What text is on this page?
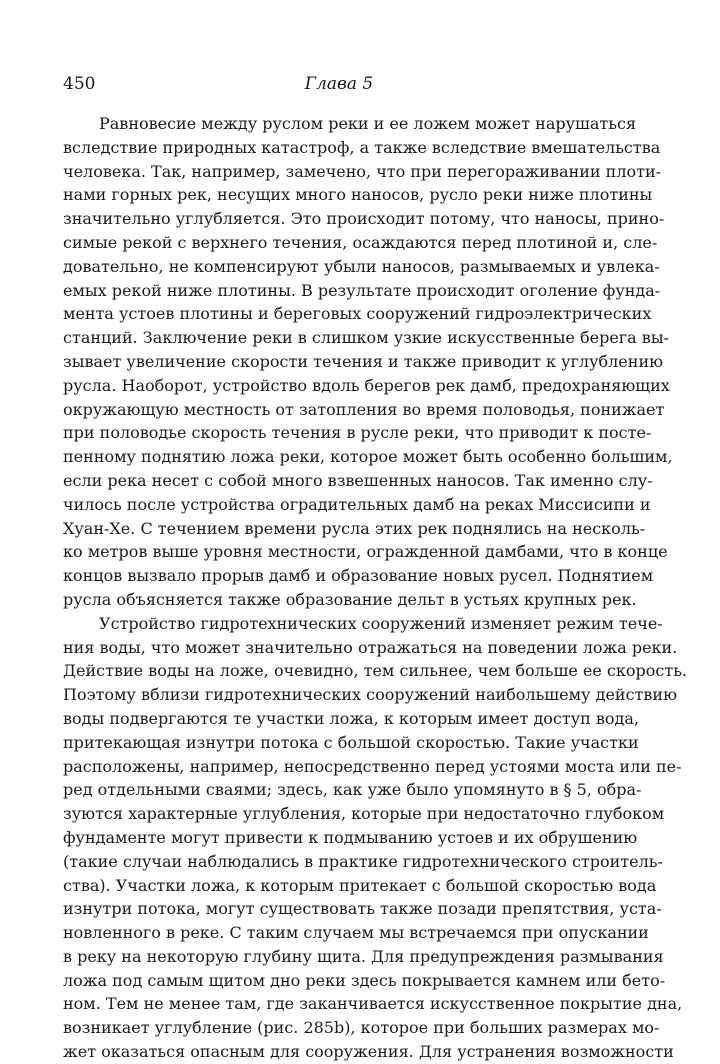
450	Глава 5
Равновесие между руслом реки и ее ложем может нарушаться
вследствие природных катастроф, а также вследствие вмешательства
человека. Так, например, замечено, что при перегораживании плоти-
нами горных рек, несущих много наносов, русло реки ниже плотины
значительно углубляется. Это происходит потому, что наносы, прино-
симые рекой с верхнего течения, осаждаются перед плотиной и, сле-
довательно, не компенсируют убыли наносов, размываемых и увлека-
емых рекой ниже плотины. В результате происходит оголение фунда-
мента устоев плотины и береговых сооружений гидроэлектрических
станций. Заключение реки в слишком узкие искусственные берега вы-
зывает увеличение скорости течения и также приводит к углублению
русла. Наоборот, устройство вдоль берегов рек дамб, предохраняющих
окружающую местность от затопления во время половодья, понижает
при половодье скорость течения в русле реки, что приводит к посте-
пенному поднятию ложа реки, которое может быть особенно большим,
если река несет с собой много взвешенных наносов. Так именно слу-
чилось после устройства оградительных дамб на реках Миссисипи и
Хуан-Хе. С течением времени русла этих рек поднялись на несколь-
ко метров выше уровня местности, огражденной дамбами, что в конце
концов вызвало прорыв дамб и образование новых русел. Поднятием
русла объясняется также образование дельт в устьях крупных рек.
Устройство гидротехнических сооружений изменяет режим тече-
ния воды, что может значительно отражаться на поведении ложа реки.
Действие воды на ложе, очевидно, тем сильнее, чем больше ее скорость.
Поэтому вблизи гидротехнических сооружений наибольшему действию
воды подвергаются те участки ложа, к которым имеет доступ вода,
притекающая изнутри потока с большой скоростью. Такие участки
расположены, например, непосредственно перед устоями моста или пе-
ред отдельными сваями; здесь, как уже было упомянуто в § 5, обра-
зуются характерные углубления, которые при недостаточно глубоком
фундаменте могут привести к подмыванию устоев и их обрушению
(такие случаи наблюдались в практике гидротехнического строитель-
ства). Участки ложа, к которым притекает с большой скоростью вода
изнутри потока, могут существовать также позади препятствия, уста-
новленного в реке. С таким случаем мы встречаемся при опускании
в реку на некоторую глубину щита. Для предупреждения размывания
ложа под самым щитом дно реки здесь покрывается камнем или бето-
ном. Тем не менее там, где заканчивается искусственное покрытие дна,
возникает углубление (рис. 285b), которое при больших размерах мо-
жет оказаться опасным для сооружения. Для устранения возможности
